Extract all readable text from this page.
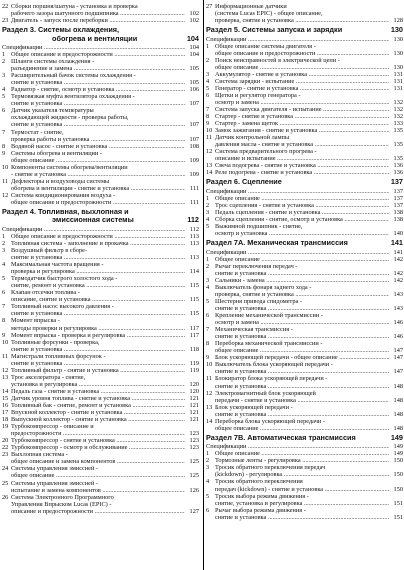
22 Сборки поршня/шатуна - установка и проверка
рабочего зазора шатунного подшипника .....	102
23 Двигатель - запуск после переборки .....	102
Раздел 3. Системы охлаждения,
обогрева и вентиляции	104
Спецификации .....	104
1 Общее описание и предосторожности .....	104
2 Шланги системы охлаждения -
разъединение и замена .....	105
3 Расширительный бачок системы охлаждения -
снятие и установка .....	105
4 Радиатор - снятие, осмотр и установка .....	106
5 Термовязкая муфта вентилятора охлаждения -
снятие и установка .....	107
6 Датчик указателя температуры
охлаждающей жидкости - проверка работы,
снятие и установка .....	107
7 Термостат - снятие,
проверка работы и установка .....	107
8 Водяной насос - снятие и установка .....	108
9 Системы обогрева и вентиляции -
общее описание .....	109
10 Компоненты системы обогрева/вентиляции
- снятие и установка .....	109
11 Дефлекторы и воздуховоды системы
обогрева и вентиляции - снятие и установка .....	111
12 Система кондиционирования воздуха -
общее описание и предосторожности .....	111
Раздел 4. Топливная, выхлопная и
эмиссионная системы	112
Спецификации .....	112
1 Общее описание и предосторожности .....	113
2 Топливная система - заполнение и прокачка .....	113
3 Воздушный фильтр в сборе-
снятие и установка .....	113
4 Максимальная частота вращения -
проверка и регулировка .....	114
5 Термодатчик быстрого холостого хода -
снятие, ремонт и установка .....	115
6 Клапан отсечки топлива -
описание, снятие и установка .....	115
7 Топливный насос высокого давления -
снятие и установка .....	115
8 Момент впрыска -
методы проверки и регулировка .....	117
9 Момент впрыска - проверка и регулировка .....	117
10 Топливные форсунки - проверка,
снятие и установка .....	118
11 Магистрали топливных форсунок -
снятие и установка .....	119
12 Топливный фильтр - снятие и установка .....	119
13 Трос акселератора - снятие,
установка и регулировка .....	120
14 Педаль газа - снятие и установка .....	120
15 Датчик уровня топлива - снятие и установка .....	121
16 Топливный бак - снятие, ремонт и установка .....	121
17 Впускной коллектор - снятие и установка .....	121
18 Выпускной коллектор - снятие и установка .....	121
19 Турбокомпрессор - описание и
предосторожности .....	123
20 Турбокомпрессор - снятие и установка .....	123
22 Турбокомпрессор - осмотр и обслуживание .....	123
23 Выхлопная система -
общее описание и замена компонентов .....	125
24 Системы управления эмиссией -
общее описание .....	125
25 Системы управления эмиссией -
испытание и замена компонентов .....	126
26 Система Электронного Программного
Управления Впрыском Lucas (EPIC) -
описание и предосторожности .....	127
27 Информационные датчики
(система Lucas EPIC) - общее описание,
проверка, снятие и установка .....	128
Раздел 5. Системы запуска и зарядки	130
Спецификации .....	130
1 Общее описание системы двигателя -
общее описание и предосторожности .....	130
2 Поиск неисправностей в электрической цепи -
общее описание .....	130
3 Аккумулятор - снятие и установка .....	131
4 Система зарядки - испытание .....	131
5 Генератор - снятие и установка .....	131
6 Щетки и регулятор генератора -
осмотр и замена .....	132
7 Система запуска двигателя - испытание .....	132
8 Стартер - снятие и установка .....	132
9 Стартер - замена щеток .....	133
10 Замок зажигания - снятие и установка .....	135
11 Датчик контрольной лампы
давления масла - снятие и установка .....	135
12 Система предварительного прогрева -
описание и испытание .....	135
13 Свеча подогрева - снятие и установка .....	136
14 Реле подогрева - снятие и установка .....	136
Раздел 6. Сцепление	137
Спецификации .....	137
1 Общее описание .....	137
2 Трос сцепления - снятие и установка .....	137
3 Педаль сцепления - снятие и установка .....	138
4 Сборка сцепления - снятие, осмотр и установка .....	138
5 Выжимной подшипник - снятие,
осмотр и установка .....	140
Раздел 7А. Механическая трансмиссия	141
Спецификации .....	141
1 Общее описание .....	142
2 Рычаг переключения передач -
снятие и установка .....	142
3 Сальники - замена .....	142
4 Выключатель фонаря заднего хода -
проверка, снятие и установка .....	143
5 Шестерня привода спидометра -
снятие и установка .....	143
6 Крепление механической трансмиссии -
осмотр и замена .....	146
7 Механическая трансмиссия -
снятие и установка .....	146
8 Переборка механической трансмиссии -
общее описание .....	147
9 Блок ускоряющей передачи - общее описание .....	147
10 Выключатель блока ускоряющей передачи -
снятие и установка .....	147
11 Блокиратор блока ускоряющей передачи -
снятие и установка .....	148
12 Электромагнитный блок ускоряющей
передачи - снятие и установка .....	148
13 Блок ускоряющей передачи -
снятие и установка .....	148
14 Переборка блока ускоряющей передачи -
общее описание .....	148
Раздел 7В. Автоматическая трансмиссия	149
Спецификации .....	149
1 Общее описание .....	149
2 Тормозные ленты - регулировка .....	150
3 Тросик обратного переключения передач
(kickdown) - регулировка .....	150
4 Тросик обратного переключения
передач (kickdown) - снятие и установка .....	150
5 Тросик выбора режима движения -
снятие, установка и регулировка .....	151
6 Рычаг выбора режима движения -
снятие и установка .....	151
